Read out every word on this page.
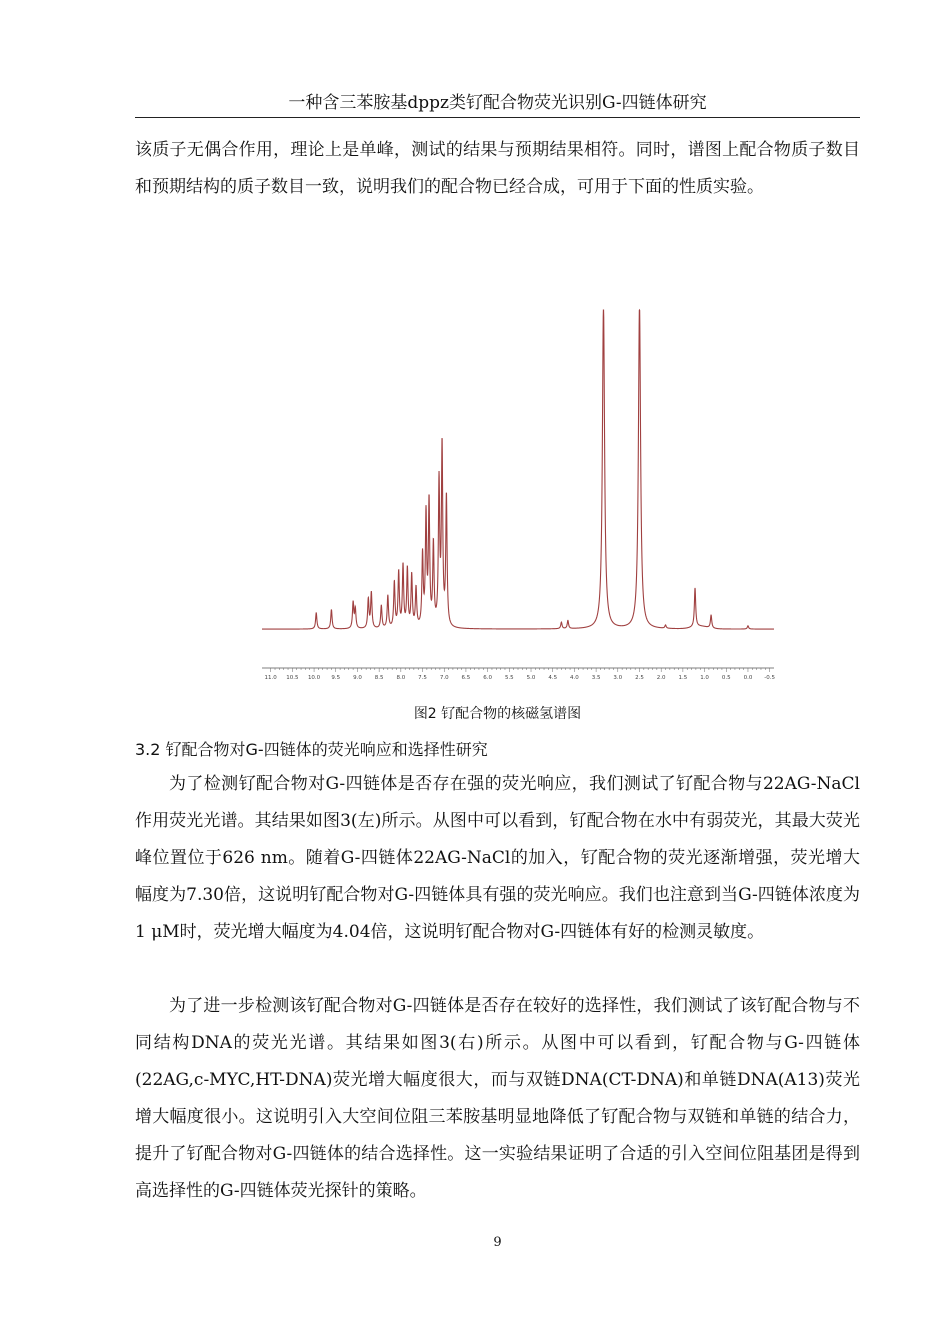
一种含三苯胺基dppz类钌配合物荧光识别G-四链体研究
该质子无偶合作用，理论上是单峰，测试的结果与预期结果相符。同时，谱图上配合物质子数目和预期结构的质子数目一致，说明我们的配合物已经合成，可用于下面的性质实验。
11.0 10.5 10.0 9.5 9.0 8.5 8.0 7.5 7.0 6.5 6.0 5.5 5.0 4.5 4.0 3.5 3.0 2.5 2.0 1.5 1.0 0.5 0.0 -0.5
图2 钌配合物的核磁氢谱图
3.2 钌配合物对G-四链体的荧光响应和选择性研究
为了检测钌配合物对G-四链体是否存在强的荧光响应，我们测试了钌配合物与22AG-NaCl作用荧光光谱。其结果如图3(左)所示。从图中可以看到，钌配合物在水中有弱荧光，其最大荧光峰位置位于626 nm。随着G-四链体22AG-NaCl的加入，钌配合物的荧光逐渐增强，荧光增大幅度为7.30倍，这说明钌配合物对G-四链体具有强的荧光响应。我们也注意到当G-四链体浓度为1 μM时，荧光增大幅度为4.04倍，这说明钌配合物对G-四链体有好的检测灵敏度。
为了进一步检测该钌配合物对G-四链体是否存在较好的选择性，我们测试了该钌配合物与不同结构DNA的荧光光谱。其结果如图3(右)所示。从图中可以看到，钌配合物与G-四链体(22AG,c-MYC,HT-DNA)荧光增大幅度很大，而与双链DNA(CT-DNA)和单链DNA(A13)荧光增大幅度很小。这说明引入大空间位阻三苯胺基明显地降低了钌配合物与双链和单链的结合力，提升了钌配合物对G-四链体的结合选择性。这一实验结果证明了合适的引入空间位阻基团是得到高选择性的G-四链体荧光探针的策略。
9
